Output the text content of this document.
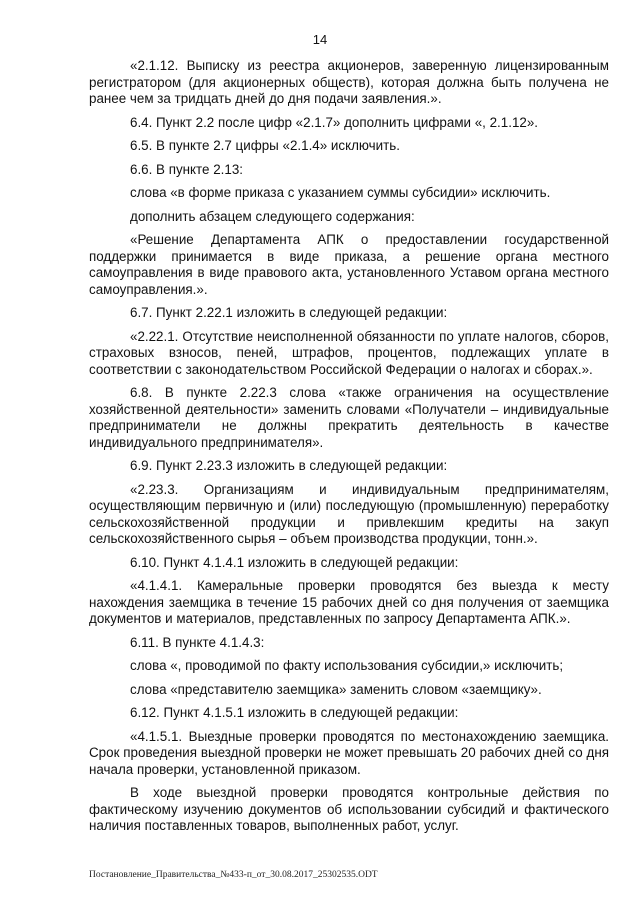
14

«2.1.12. Выписку из реестра акционеров, заверенную лицензированным регистратором (для акционерных обществ), которая должна быть получена не ранее чем за тридцать дней до дня подачи заявления.».

6.4. Пункт 2.2 после цифр «2.1.7» дополнить цифрами «, 2.1.12».

6.5. В пункте 2.7 цифры «2.1.4» исключить.

6.6. В пункте 2.13:

слова «в форме приказа с указанием суммы субсидии» исключить.

дополнить абзацем следующего содержания:

«Решение Департамента АПК о предоставлении государственной поддержки принимается в виде приказа, а решение органа местного самоуправления в виде правового акта, установленного Уставом органа местного самоуправления.».

6.7. Пункт 2.22.1 изложить в следующей редакции:

«2.22.1. Отсутствие неисполненной обязанности по уплате налогов, сборов, страховых взносов, пеней, штрафов, процентов, подлежащих уплате в соответствии с законодательством Российской Федерации о налогах и сборах.».

6.8. В пункте 2.22.3 слова «также ограничения на осуществление хозяйственной деятельности» заменить словами «Получатели – индивидуальные предприниматели не должны прекратить деятельность в качестве индивидуального предпринимателя».

6.9. Пункт 2.23.3 изложить в следующей редакции:

«2.23.3. Организациям и индивидуальным предпринимателям, осуществляющим первичную и (или) последующую (промышленную) переработку сельскохозяйственной продукции и привлекшим кредиты на закуп сельскохозяйственного сырья – объем производства продукции, тонн.».

6.10. Пункт 4.1.4.1 изложить в следующей редакции:

«4.1.4.1. Камеральные проверки проводятся без выезда к месту нахождения заемщика в течение 15 рабочих дней со дня получения от заемщика документов и материалов, представленных по запросу Департамента АПК.».

6.11. В пункте 4.1.4.3:

слова «, проводимой по факту использования субсидии,» исключить;

слова «представителю заемщика» заменить словом «заемщику».

6.12. Пункт 4.1.5.1 изложить в следующей редакции:

«4.1.5.1. Выездные проверки проводятся по местонахождению заемщика. Срок проведения выездной проверки не может превышать 20 рабочих дней со дня начала проверки, установленной приказом.

В ходе выездной проверки проводятся контрольные действия по фактическому изучению документов об использовании субсидий и фактического наличия поставленных товаров, выполненных работ, услуг.

Постановление_Правительства_№433-п_от_30.08.2017_25302535.ODT
